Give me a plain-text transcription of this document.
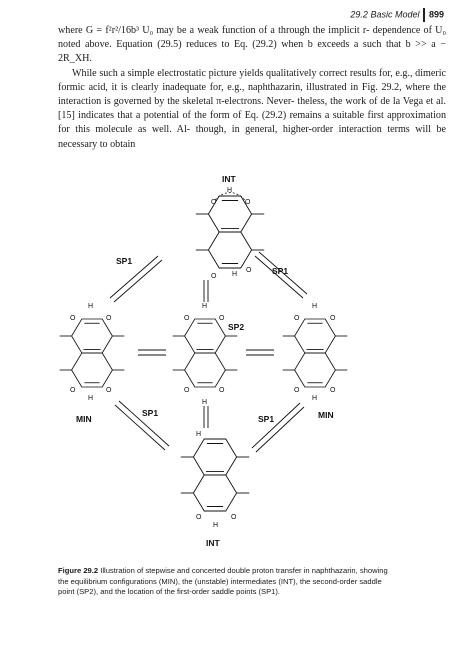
29.2 Basic Model 899

where G = f²r²/16b³ U₀ may be a weak function of a through the implicit r- dependence of U₀ noted above. Equation (29.5) reduces to Eq. (29.2) when b exceeds a such that b >> a − 2R_XH.

While such a simple electrostatic picture yields qualitatively correct results for, e.g., dimeric formic acid, it is clearly inadequate for, e.g., naphthazarin, illustrated in Fig. 29.2, where the interaction is governed by the skeletal π-electrons. Never- theless, the work of de la Vega et al. [15] indicates that a potential of the form of Eq. (29.2) remains a suitable first approximation for this molecule as well. Al- though, in general, higher-order interaction terms will be necessary to obtain

INT
O
H
O
O H
O
O
H
O
O
H
O
MIN
O
H
O
O
H
O
SP2
O
H
O
O
H
O
MIN
H
O
H
O
INT
SP1
SP1
SP1
SP1
Figure 29.2 Illustration of stepwise and concerted double proton transfer in naphthazarin, showing the equilibrium configurations (MIN), the (unstable) intermediates (INT), the second-order saddle point (SP2), and the location of the first-order saddle points (SP1).
